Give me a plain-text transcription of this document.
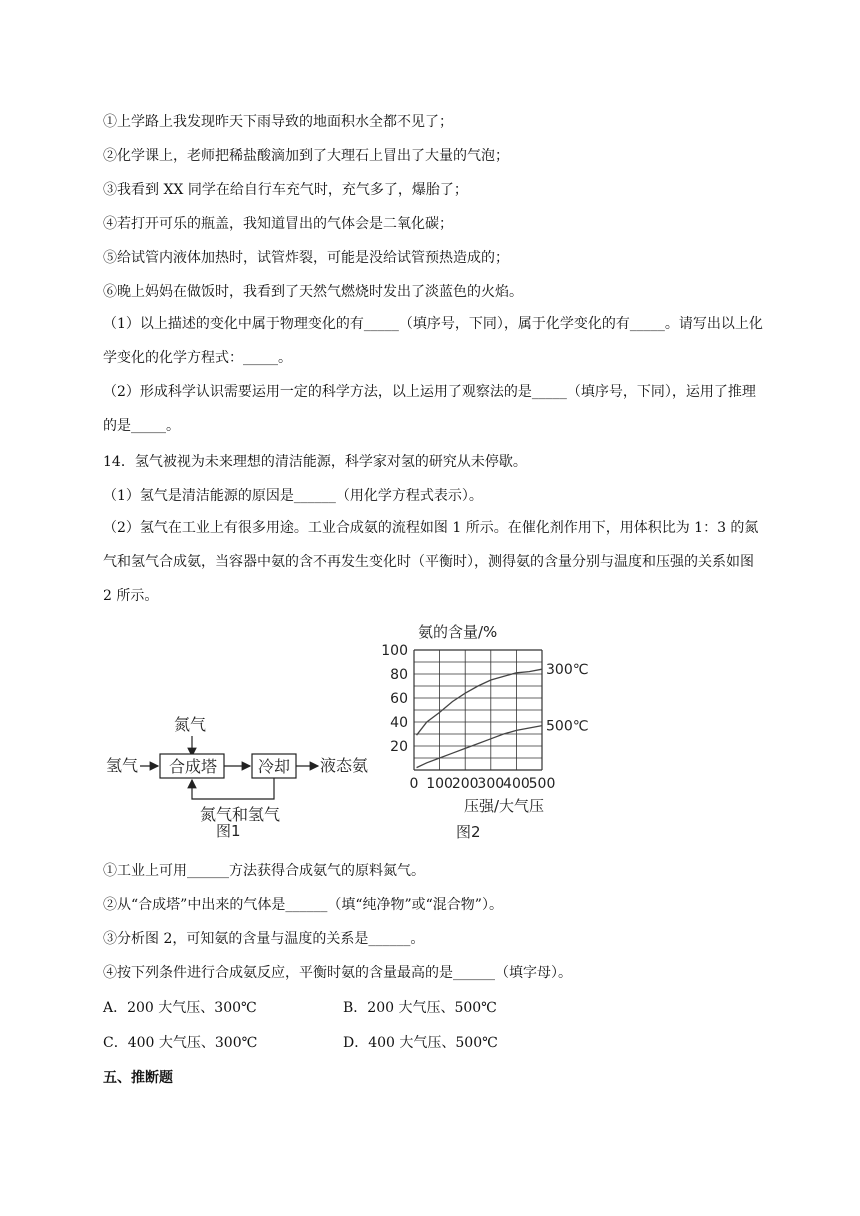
①上学路上我发现昨天下雨导致的地面积水全都不见了；
②化学课上，老师把稀盐酸滴加到了大理石上冒出了大量的气泡；
③我看到 XX 同学在给自行车充气时，充气多了，爆胎了；
④若打开可乐的瓶盖，我知道冒出的气体会是二氧化碳；
⑤给试管内液体加热时，试管炸裂，可能是没给试管预热造成的；
⑥晚上妈妈在做饭时，我看到了天然气燃烧时发出了淡蓝色的火焰。
（1）以上描述的变化中属于物理变化的有_____（填序号，下同），属于化学变化的有_____。请写出以上化学变化的化学方程式：_____。
（2）形成科学认识需要运用一定的科学方法，以上运用了观察法的是_____（填序号，下同），运用了推理的是_____。
14．氢气被视为未来理想的清洁能源，科学家对氢的研究从未停歇。
（1）氢气是清洁能源的原因是______（用化学方程式表示）。
（2）氢气在工业上有很多用途。工业合成氨的流程如图 1 所示。在催化剂作用下，用体积比为 1：3 的氮气和氢气合成氨，当容器中氨的含不再发生变化时（平衡时），测得氨的含量分别与温度和压强的关系如图 2 所示。
氮气
氢气 合成塔	冷却 液态氨
氮气和氢气
图1
氨的含量/%
压强/大气压
图2
20
40
60
80
100
0 100
200
300
400
500
300℃
500℃
①工业上可用______方法获得合成氨气的原料氮气。
②从“合成塔”中出来的气体是______（填“纯净物”或“混合物”）。
③分析图 2，可知氨的含量与温度的关系是______。
④按下列条件进行合成氨反应，平衡时氨的含量最高的是______（填字母）。
A．200 大气压、300℃	B．200 大气压、500℃
C．400 大气压、300℃	D．400 大气压、500℃
五、推断题
